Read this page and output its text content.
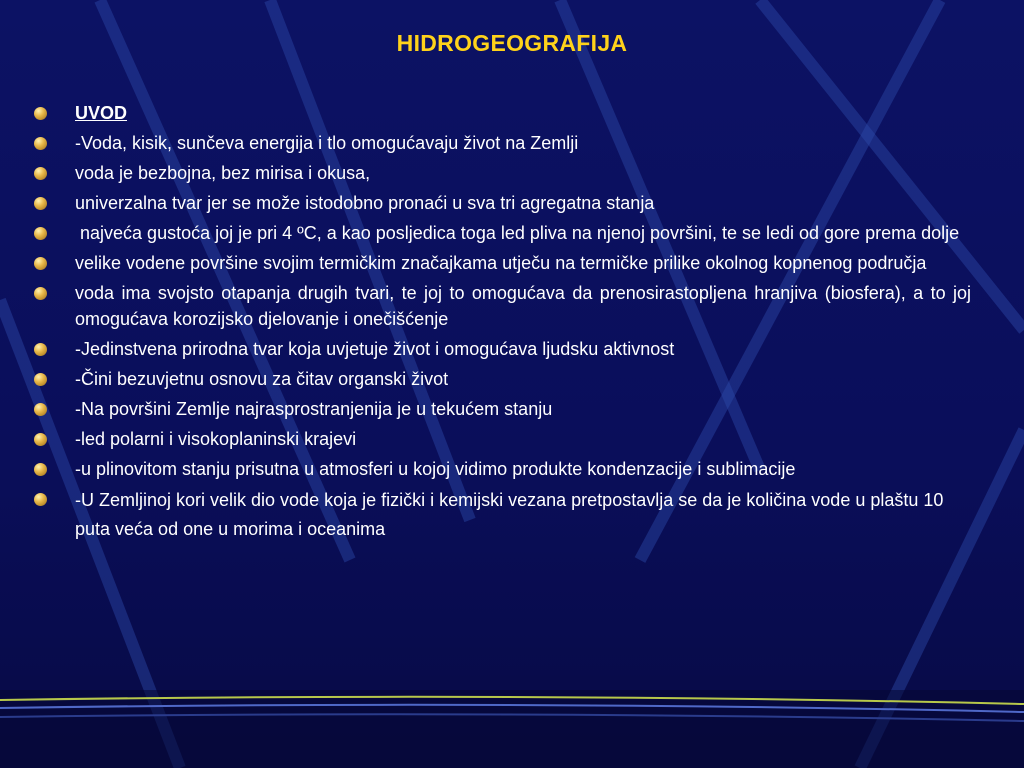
HIDROGEOGRAFIJA
UVOD
-Voda, kisik, sunčeva energija i tlo omogućavaju život na Zemlji
voda je bezbojna, bez mirisa i okusa,
univerzalna tvar jer se može istodobno pronaći u sva tri agregatna stanja
najveća gustoća joj je pri 4 ºC, a kao posljedica toga led pliva na njenoj površini, te se ledi od gore prema dolje
velike vodene površine svojim termičkim značajkama utječu na termičke prilike okolnog kopnenog područja
voda ima svojsto otapanja drugih tvari, te joj to omogućava da prenosirastopljena hranjiva (biosfera), a to joj omogućava korozijsko djelovanje i onečišćenje
-Jedinstvena prirodna tvar koja uvjetuje život i omogućava ljudsku aktivnost
-Čini bezuvjetnu osnovu za čitav organski život
-Na površini Zemlje najrasprostranjenija je u tekućem stanju
-led polarni i visokoplaninski krajevi
-u plinovitom stanju prisutna u atmosferi u kojoj vidimo produkte kondenzacije i sublimacije
-U Zemljinoj kori velik dio vode koja je fizički i kemijski vezana pretpostavlja se da je količina vode u plaštu 10 puta veća od one u morima i oceanima
